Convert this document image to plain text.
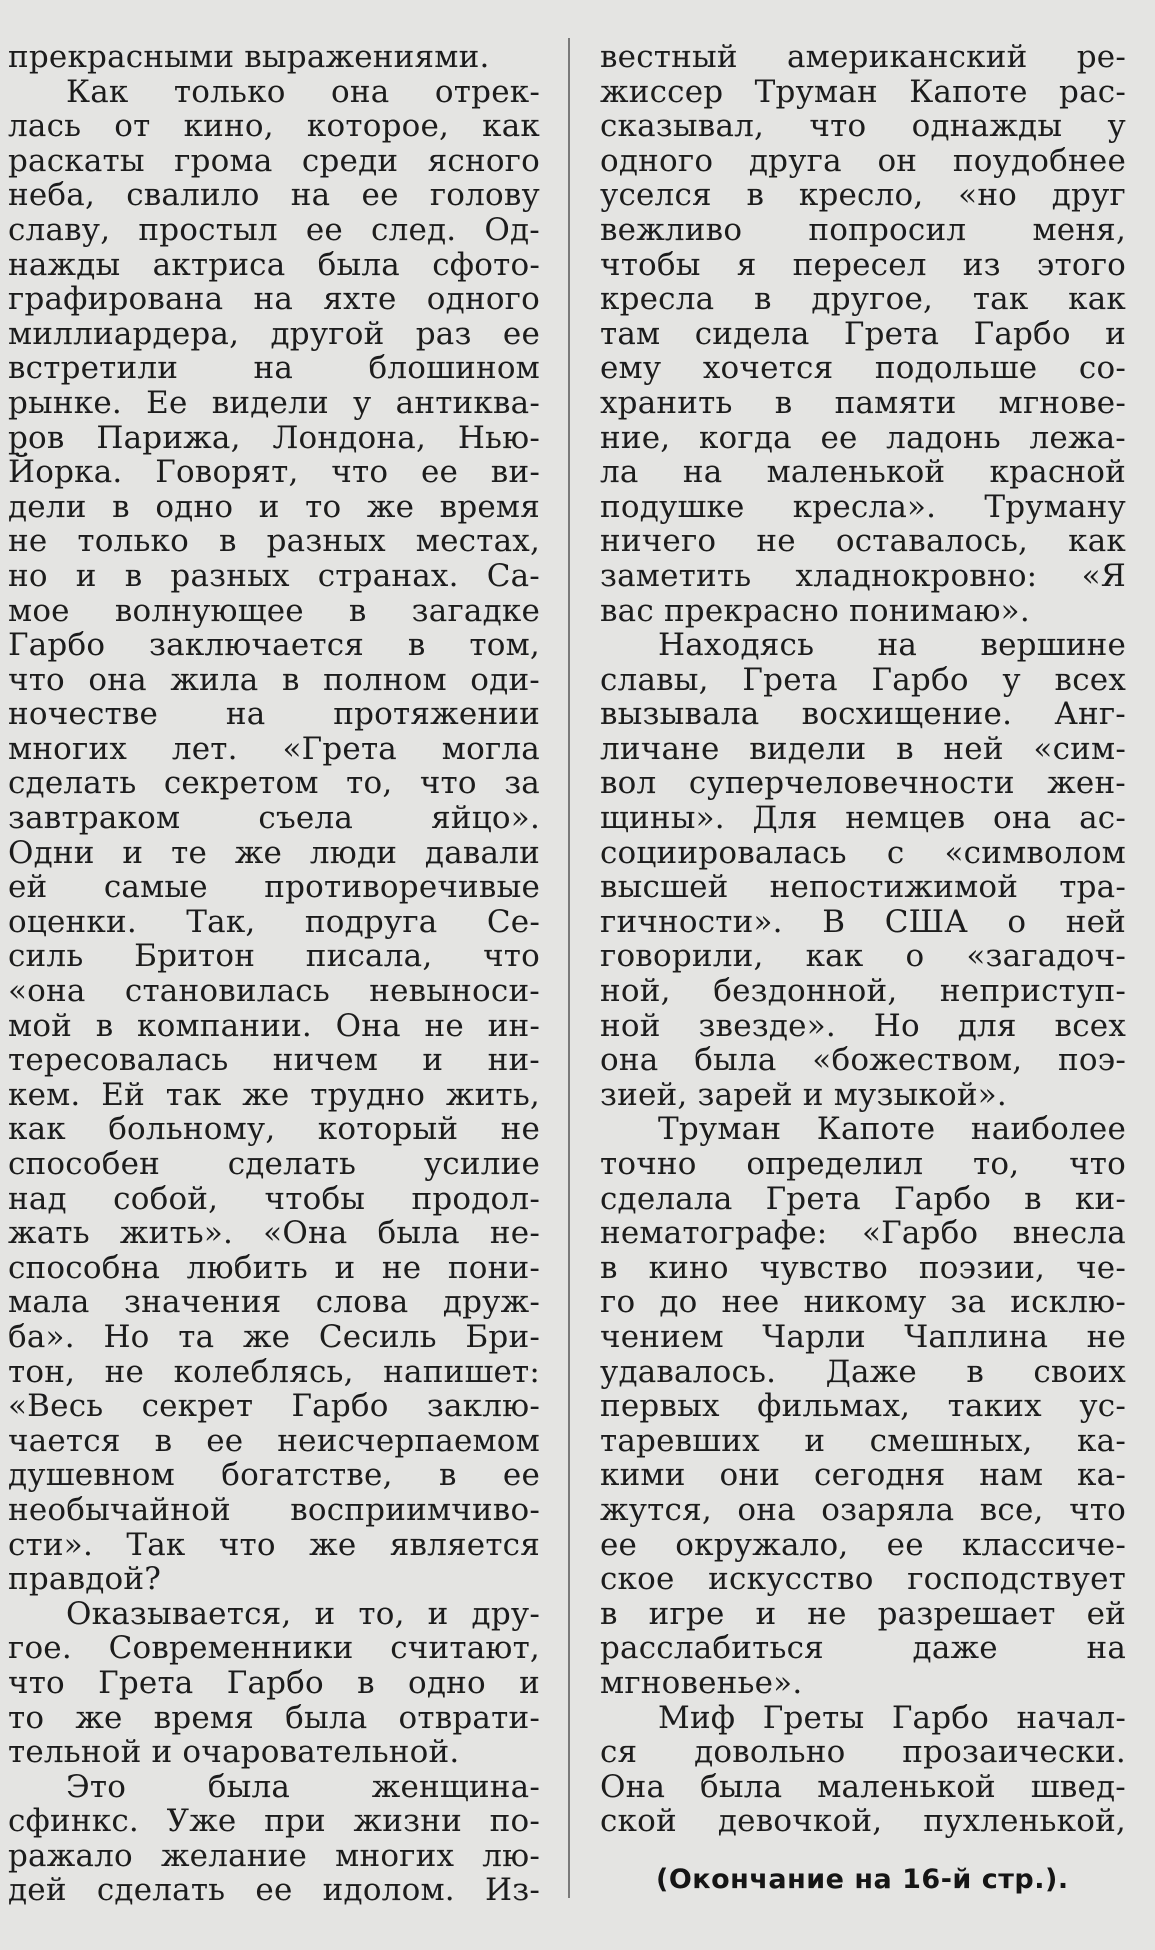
прекрасными выражениями.

Как только она отрек-

лась от кино, которое, как

раскаты грома среди ясного

неба, свалило на ее голову

славу, простыл ее след. Од-

нажды актриса была сфото-

графирована на яхте одного

миллиардера, другой раз ее

встретили на блошином

рынке. Ее видели у антиква-

ров Парижа, Лондона, Нью-

Йорка. Говорят, что ее ви-

дели в одно и то же время

не только в разных местах,

но и в разных странах. Са-

мое волнующее в загадке

Гарбо заключается в том,

что она жила в полном оди-

ночестве на протяжении

многих лет. «Грета могла

сделать секретом то, что за

завтраком съела яйцо».

Одни и те же люди давали

ей самые противоречивые

оценки. Так, подруга Се-

силь Бритон писала, что

«она становилась невыноси-

мой в компании. Она не ин-

тересовалась ничем и ни-

кем. Ей так же трудно жить,

как больному, который не

способен сделать усилие

над собой, чтобы продол-

жать жить». «Она была не-

способна любить и не пони-

мала значения слова друж-

ба». Но та же Сесиль Бри-

тон, не колеблясь, напишет:

«Весь секрет Гарбо заклю-

чается в ее неисчерпаемом

душевном богатстве, в ее

необычайной восприимчиво-

сти». Так что же является

правдой?

Оказывается, и то, и дру-

гое. Современники считают,

что Грета Гарбо в одно и

то же время была отврати-

тельной и очаровательной.

Это была женщина-

сфинкс. Уже при жизни по-

ражало желание многих лю-

дей сделать ее идолом. Из-

вестный американский ре-

жиссер Труман Капоте рас-

сказывал, что однажды у

одного друга он поудобнее

уселся в кресло, «но друг

вежливо попросил меня,

чтобы я пересел из этого

кресла в другое, так как

там сидела Грета Гарбо и

ему хочется подольше со-

хранить в памяти мгнове-

ние, когда ее ладонь лежа-

ла на маленькой красной

подушке кресла». Труману

ничего не оставалось, как

заметить хладнокровно: «Я

вас прекрасно понимаю».

Находясь на вершине

славы, Грета Гарбо у всех

вызывала восхищение. Анг-

личане видели в ней «сим-

вол суперчеловечности жен-

щины». Для немцев она ас-

социировалась с «символом

высшей непостижимой тра-

гичности». В США о ней

говорили, как о «загадоч-

ной, бездонной, неприступ-

ной звезде». Но для всех

она была «божеством, поэ-

зией, зарей и музыкой».

Труман Капоте наиболее

точно определил то, что

сделала Грета Гарбо в ки-

нематографе: «Гарбо внесла

в кино чувство поэзии, че-

го до нее никому за исклю-

чением Чарли Чаплина не

удавалось. Даже в своих

первых фильмах, таких ус-

таревших и смешных, ка-

кими они сегодня нам ка-

жутся, она озаряла все, что

ее окружало, ее классиче-

ское искусство господствует

в игре и не разрешает ей

расслабиться даже на

мгновенье».

Миф Греты Гарбо начал-

ся довольно прозаически.

Она была маленькой швед-

ской девочкой, пухленькой,

(Окончание на 16-й стр.).
